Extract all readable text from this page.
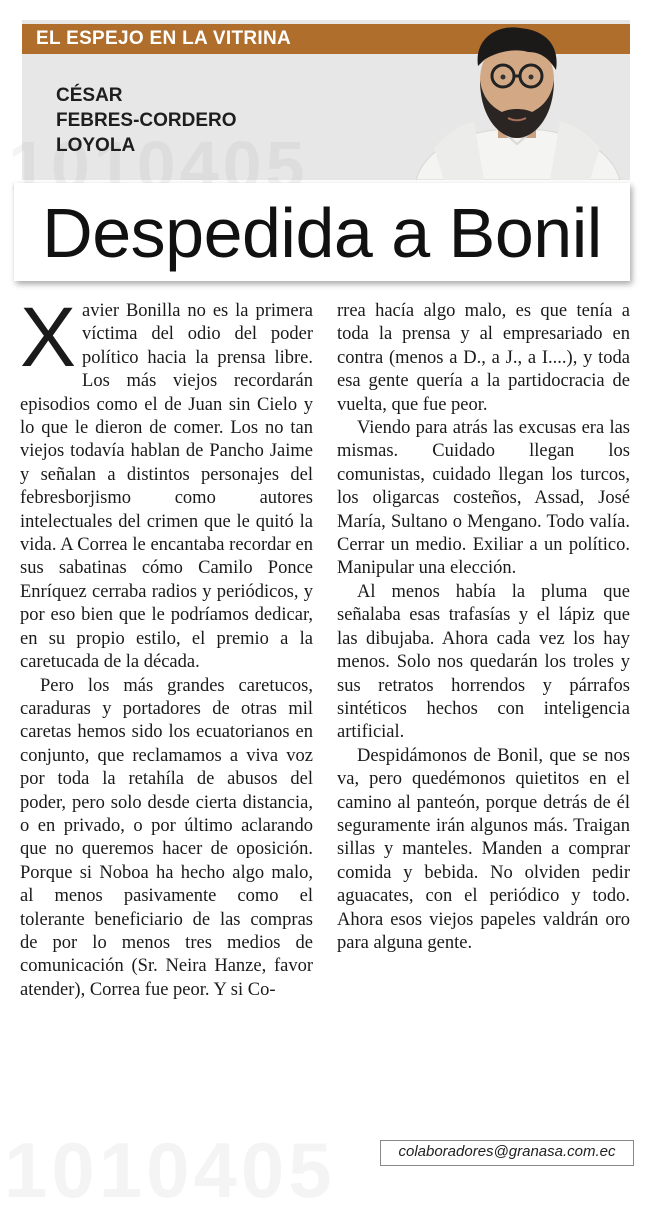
EL ESPEJO EN LA VITRINA
CÉSAR
FEBRES-CORDERO
LOYOLA
Despedida a Bonil

Xavier Bonilla no es la primera víctima del odio del poder político hacia la prensa libre. Los más viejos recordarán episodios como el de Juan sin Cielo y lo que le dieron de comer. Los no tan viejos todavía hablan de Pancho Jaime y señalan a distintos personajes del febresborjismo como autores intelectuales del crimen que le quitó la vida. A Correa le encantaba recordar en sus sabatinas cómo Camilo Ponce Enríquez cerraba radios y periódicos, y por eso bien que le podríamos dedicar, en su propio estilo, el premio a la caretucada de la década.

Pero los más grandes caretucos, caraduras y portadores de otras mil caretas hemos sido los ecuatorianos en conjunto, que reclamamos a viva voz por toda la retahíla de abusos del poder, pero solo desde cierta distancia, o en privado, o por último aclarando que no queremos hacer de oposición. Porque si Noboa ha hecho algo malo, al menos pasivamente como el tolerante beneficiario de las compras de por lo menos tres medios de comunicación (Sr. Neira Hanze, favor atender), Correa fue peor. Y si Co-

rrea hacía algo malo, es que tenía a toda la prensa y al empresariado en contra (menos a D., a J., a I....), y toda esa gente quería a la partidocracia de vuelta, que fue peor.

Viendo para atrás las excusas era las mismas. Cuidado llegan los comunistas, cuidado llegan los turcos, los oligarcas costeños, Assad, José María, Sultano o Mengano. Todo valía. Cerrar un medio. Exiliar a un político. Manipular una elección.

Al menos había la pluma que señalaba esas trafasías y el lápiz que las dibujaba. Ahora cada vez los hay menos. Solo nos quedarán los troles y sus retratos horrendos y párrafos sintéticos hechos con inteligencia artificial.

Despidámonos de Bonil, que se nos va, pero quedémonos quietitos en el camino al panteón, porque detrás de él seguramente irán algunos más. Traigan sillas y manteles. Manden a comprar comida y bebida. No olviden pedir aguacates, con el periódico y todo. Ahora esos viejos papeles valdrán oro para alguna gente.

colaboradores@granasa.com.ec
